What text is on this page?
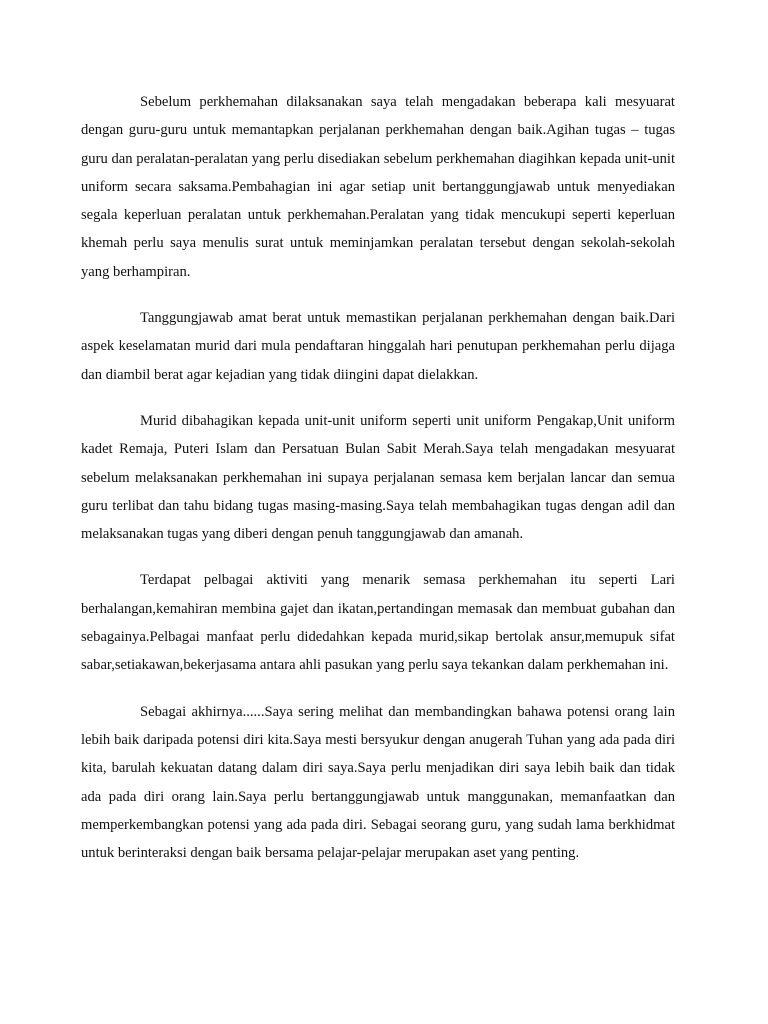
Sebelum perkhemahan dilaksanakan saya telah mengadakan beberapa kali mesyuarat dengan guru-guru untuk memantapkan perjalanan perkhemahan dengan baik.Agihan tugas – tugas guru dan peralatan-peralatan yang perlu disediakan sebelum perkhemahan diagihkan kepada unit-unit uniform secara saksama.Pembahagian ini agar setiap unit bertanggungjawab untuk menyediakan segala keperluan peralatan untuk perkhemahan.Peralatan yang tidak mencukupi seperti keperluan khemah perlu saya menulis surat untuk meminjamkan peralatan tersebut dengan sekolah-sekolah yang berhampiran.

Tanggungjawab amat berat untuk memastikan perjalanan perkhemahan dengan baik.Dari aspek keselamatan murid dari mula pendaftaran hinggalah hari penutupan perkhemahan perlu dijaga dan diambil berat agar kejadian yang tidak diingini dapat dielakkan.

Murid dibahagikan kepada unit-unit uniform seperti unit uniform Pengakap,Unit uniform kadet Remaja, Puteri Islam dan Persatuan Bulan Sabit Merah.Saya telah mengadakan mesyuarat sebelum melaksanakan perkhemahan ini supaya perjalanan semasa kem berjalan lancar dan semua guru terlibat dan tahu bidang tugas masing-masing.Saya telah membahagikan tugas dengan adil dan melaksanakan tugas yang diberi dengan penuh tanggungjawab dan amanah.

Terdapat pelbagai aktiviti yang menarik semasa perkhemahan itu seperti Lari berhalangan,kemahiran membina gajet dan ikatan,pertandingan memasak dan membuat gubahan dan sebagainya.Pelbagai manfaat perlu didedahkan kepada murid,sikap bertolak ansur,memupuk sifat sabar,setiakawan,bekerjasama antara ahli pasukan yang perlu saya tekankan dalam perkhemahan ini.

Sebagai akhirnya......Saya sering melihat dan membandingkan bahawa potensi orang lain lebih baik daripada potensi diri kita.Saya mesti bersyukur dengan anugerah Tuhan yang ada pada diri kita, barulah kekuatan datang dalam diri saya.Saya perlu menjadikan diri saya lebih baik dan tidak ada pada diri orang lain.Saya perlu bertanggungjawab untuk manggunakan, memanfaatkan dan memperkembangkan potensi yang ada pada diri. Sebagai seorang guru, yang sudah lama berkhidmat untuk berinteraksi dengan baik bersama pelajar-pelajar merupakan aset yang penting.
